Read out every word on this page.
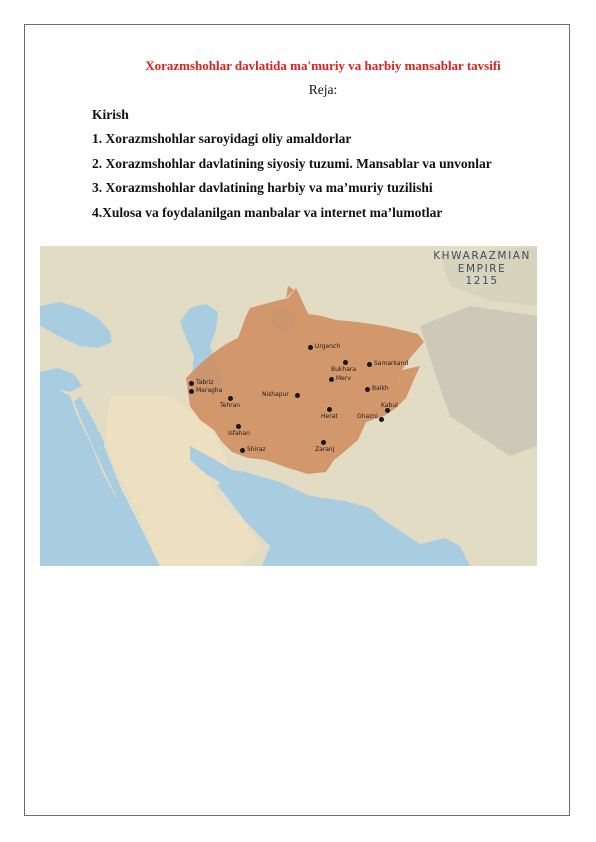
Xorazmshohlar davlatida ma'muriy va harbiy mansablar tavsifi
Reja:
Kirish
1. Xorazmshohlar saroyidagi oliy amaldorlar
2. Xorazmshohlar davlatining siyosiy tuzumi. Mansablar va unvonlar
3. Xorazmshohlar davlatining harbiy va ma’muriy tuzilishi
4.Xulosa va foydalanilgan manbalar va internet ma’lumotlar
KHWARAZMIAN
EMPIRE
1215
Urgench
Bukhara
Samarkand
Merv
Balkh
Nishapur
Herat	Ghazni
Kabul
Tabriz
Maragha
Tehran
Isfahan
Shiraz	Zaranj
